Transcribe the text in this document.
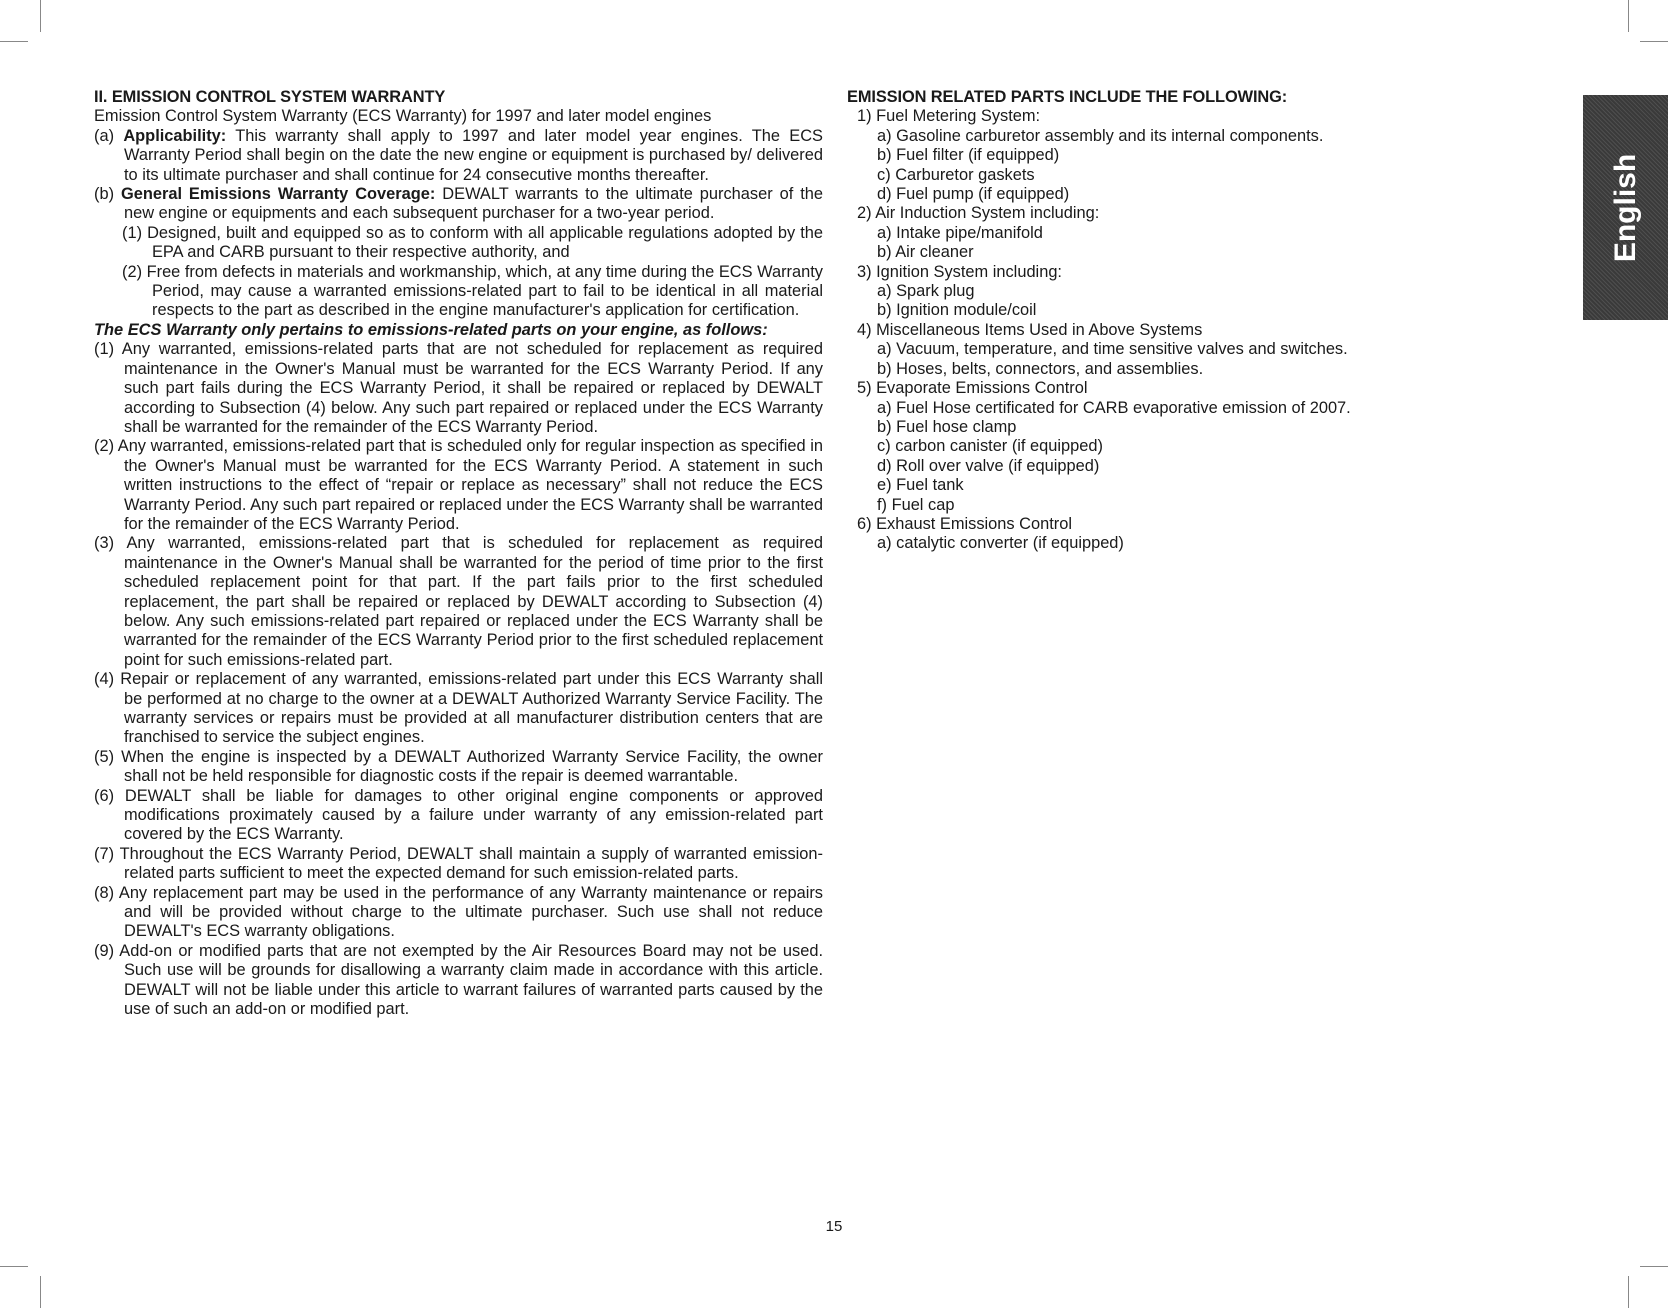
II. EMISSION CONTROL SYSTEM WARRANTY
Emission Control System Warranty (ECS Warranty) for 1997 and later model engines
(a) Applicability: This warranty shall apply to 1997 and later model year engines. The ECS Warranty Period shall begin on the date the new engine or equipment is purchased by/ delivered to its ultimate purchaser and shall continue for 24 consecutive months thereafter.
(b) General Emissions Warranty Coverage: DEWALT warrants to the ultimate purchaser of the new engine or equipments and each subsequent purchaser for a two-year period.
(1) Designed, built and equipped so as to conform with all applicable regulations adopted by the EPA and CARB pursuant to their respective authority, and
(2) Free from defects in materials and workmanship, which, at any time during the ECS Warranty Period, may cause a warranted emissions-related part to fail to be identical in all material respects to the part as described in the engine manufacturer's application for certification.
The ECS Warranty only pertains to emissions-related parts on your engine, as follows:
(1) Any warranted, emissions-related parts that are not scheduled for replacement as required maintenance in the Owner's Manual must be warranted for the ECS Warranty Period. If any such part fails during the ECS Warranty Period, it shall be repaired or replaced by DEWALT according to Subsection (4) below. Any such part repaired or replaced under the ECS Warranty shall be warranted for the remainder of the ECS Warranty Period.
(2) Any warranted, emissions-related part that is scheduled only for regular inspection as specified in the Owner's Manual must be warranted for the ECS Warranty Period. A statement in such written instructions to the effect of “repair or replace as necessary” shall not reduce the ECS Warranty Period. Any such part repaired or replaced under the ECS Warranty shall be warranted for the remainder of the ECS Warranty Period.
(3) Any warranted, emissions-related part that is scheduled for replacement as required maintenance in the Owner's Manual shall be warranted for the period of time prior to the first scheduled replacement point for that part. If the part fails prior to the first scheduled replacement, the part shall be repaired or replaced by DEWALT according to Subsection (4) below. Any such emissions-related part repaired or replaced under the ECS Warranty shall be warranted for the remainder of the ECS Warranty Period prior to the first scheduled replacement point for such emissions-related part.
(4) Repair or replacement of any warranted, emissions-related part under this ECS Warranty shall be performed at no charge to the owner at a DEWALT Authorized Warranty Service Facility. The warranty services or repairs must be provided at all manufacturer distribution centers that are franchised to service the subject engines.
(5) When the engine is inspected by a DEWALT Authorized Warranty Service Facility, the owner shall not be held responsible for diagnostic costs if the repair is deemed warrantable.
(6) DEWALT shall be liable for damages to other original engine components or approved modifications proximately caused by a failure under warranty of any emission-related part covered by the ECS Warranty.
(7) Throughout the ECS Warranty Period, DEWALT shall maintain a supply of warranted emission-related parts sufficient to meet the expected demand for such emission-related parts.
(8) Any replacement part may be used in the performance of any Warranty maintenance or repairs and will be provided without charge to the ultimate purchaser. Such use shall not reduce DEWALT's ECS warranty obligations.
(9) Add-on or modified parts that are not exempted by the Air Resources Board may not be used. Such use will be grounds for disallowing a warranty claim made in accordance with this article. DEWALT will not be liable under this article to warrant failures of warranted parts caused by the use of such an add-on or modified part.
EMISSION RELATED PARTS INCLUDE THE FOLLOWING:
1) Fuel Metering System:
a) Gasoline carburetor assembly and its internal components.
b) Fuel filter (if equipped)
c) Carburetor gaskets
d) Fuel pump (if equipped)
2) Air Induction System including:
a) Intake pipe/manifold
b) Air cleaner
3) Ignition System including:
a) Spark plug
b) Ignition module/coil
4) Miscellaneous Items Used in Above Systems
a) Vacuum, temperature, and time sensitive valves and switches.
b) Hoses, belts, connectors, and assemblies.
5) Evaporate Emissions Control
a) Fuel Hose certificated for CARB evaporative emission of 2007.
b) Fuel hose clamp
c) carbon canister (if equipped)
d) Roll over valve (if equipped)
e) Fuel tank
f) Fuel cap
6) Exhaust Emissions Control
a) catalytic converter (if equipped)
English
15
